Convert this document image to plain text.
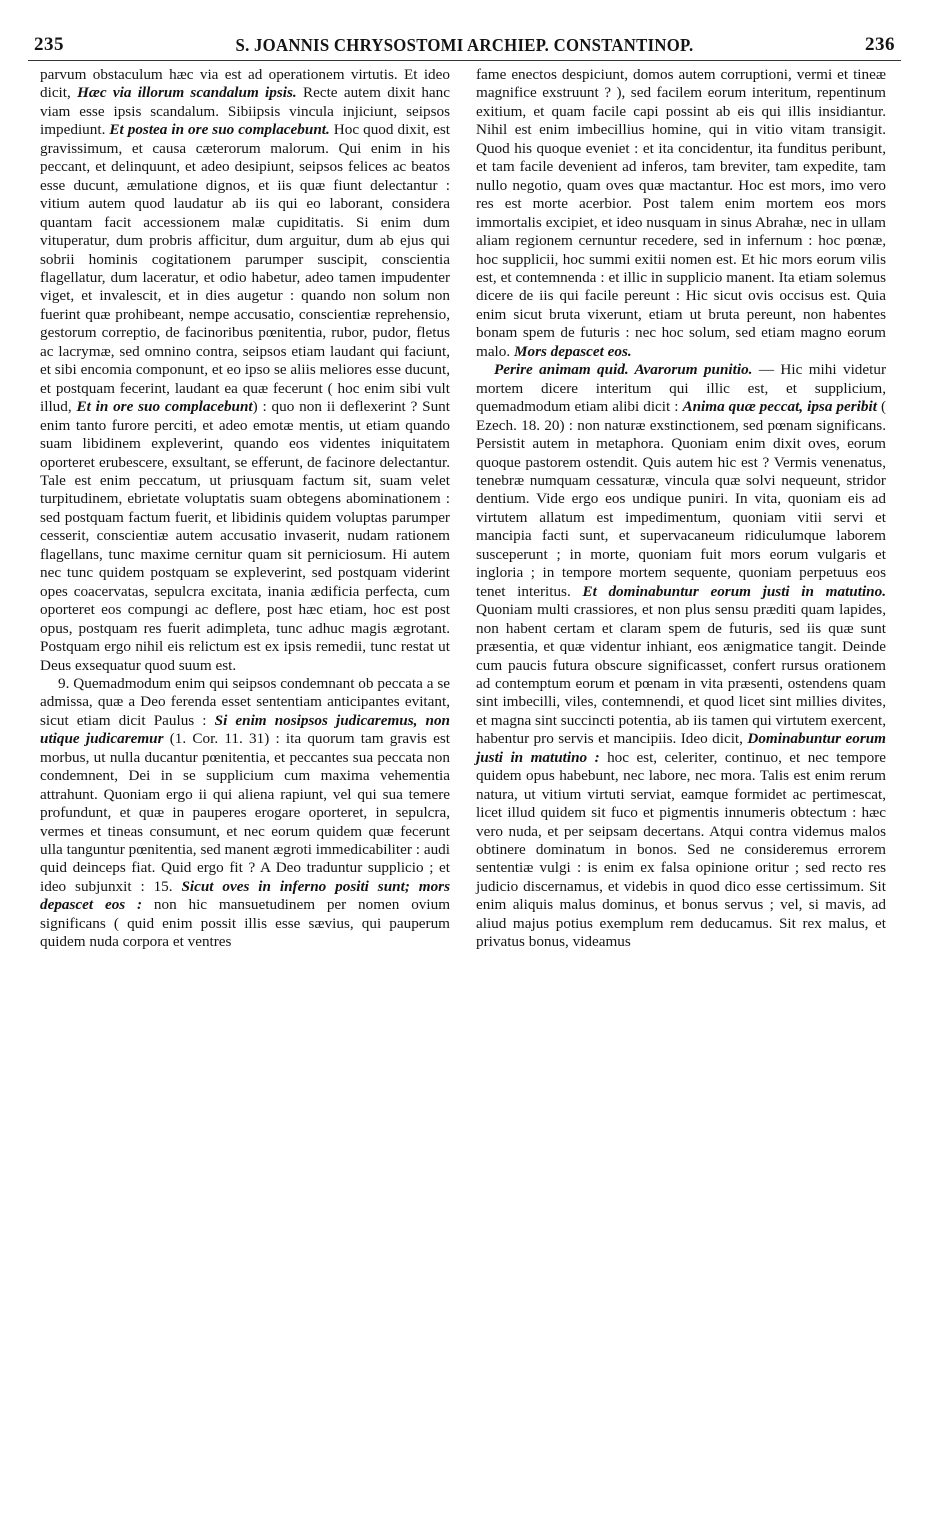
235	S. JOANNIS CHRYSOSTOMI ARCHIEP. CONSTANTINOP.	236

parvum obstaculum hæc via est ad operationem virtutis. Et ideo dicit, Hæc via illorum scandalum ipsis. Recte autem dixit hanc viam esse ipsis scandalum. Sibiipsis vincula injiciunt, seipsos impediunt. Et postea in ore suo complacebunt. Hoc quod dixit, est gravissimum, et causa cæterorum malorum. Qui enim in his peccant, et delinquunt, et adeo desipiunt, seipsos felices ac beatos esse ducunt, æmulatione dignos, et iis quæ fiunt delectantur : vitium autem quod laudatur ab iis qui eo laborant, considera quantam facit accessionem malæ cupiditatis. Si enim dum vituperatur, dum probris afficitur, dum arguitur, dum ab ejus qui sobrii hominis cogitationem parumper suscipit, conscientia flagellatur, dum laceratur, et odio habetur, adeo tamen impudenter viget, et invalescit, et in dies augetur : quando non solum non fuerint quæ prohibeant, nempe accusatio, conscientiæ reprehensio, gestorum correptio, de facinoribus pœnitentia, rubor, pudor, fletus ac lacrymæ, sed omnino contra, seipsos etiam laudant qui faciunt, et sibi encomia componunt, et eo ipso se aliis meliores esse ducunt, et postquam fecerint, laudant ea quæ fecerunt ( hoc enim sibi vult illud, Et in ore suo complacebunt) : quo non ii deflexerint ? Sunt enim tanto furore perciti, et adeo emotæ mentis, ut etiam quando suam libidinem expleverint, quando eos videntes iniquitatem oporteret erubescere, exsultant, se efferunt, de facinore delectantur. Tale est enim peccatum, ut priusquam factum sit, suam velet turpitudinem, ebrietate voluptatis suam obtegens abominationem : sed postquam factum fuerit, et libidinis quidem voluptas parumper cesserit, conscientiæ autem accusatio invaserit, nudam rationem flagellans, tunc maxime cernitur quam sit perniciosum. Hi autem nec tunc quidem postquam se expleverint, sed postquam viderint opes coacervatas, sepulcra excitata, inania ædificia perfecta, cum oporteret eos compungi ac deflere, post hæc etiam, hoc est post opus, postquam res fuerit adimpleta, tunc adhuc magis ægrotant. Postquam ergo nihil eis relictum est ex ipsis remedii, tunc restat ut Deus exsequatur quod suum est.

9. Quemadmodum enim qui seipsos condemnant ob peccata a se admissa, quæ a Deo ferenda esset sententiam anticipantes evitant, sicut etiam dicit Paulus : Si enim nosipsos judicaremus, non utique judicaremur (1. Cor. 11. 31) : ita quorum tam gravis est morbus, ut nulla ducantur pœnitentia, et peccantes sua peccata non condemnent, Dei in se supplicium cum maxima vehementia attrahunt. Quoniam ergo ii qui aliena rapiunt, vel qui sua temere profundunt, et quæ in pauperes erogare oporteret, in sepulcra, vermes et tineas consumunt, et nec eorum quidem quæ fecerunt ulla tanguntur pœnitentia, sed manent ægroti immedicabiliter : audi quid deinceps fiat. Quid ergo fit ? A Deo traduntur supplicio ; et ideo subjunxit : 15. Sicut oves in inferno positi sunt; mors depascet eos : non hic mansuetudinem per nomen ovium significans ( quid enim possit illis esse sævius, qui pauperum quidem nuda corpora et ventres

fame enectos despiciunt, domos autem corruptioni, vermi et tineæ magnifice exstruunt ? ), sed facilem eorum interitum, repentinum exitium, et quam facile capi possint ab eis qui illis insidiantur. Nihil est enim imbecillius homine, qui in vitio vitam transigit. Quod his quoque eveniet : et ita concidentur, ita funditus peribunt, et tam facile devenient ad inferos, tam breviter, tam expedite, tam nullo negotio, quam oves quæ mactantur. Hoc est mors, imo vero res est morte acerbior. Post talem enim mortem eos mors immortalis excipiet, et ideo nusquam in sinus Abrahæ, nec in ullam aliam regionem cernuntur recedere, sed in infernum : hoc pœnæ, hoc supplicii, hoc summi exitii nomen est. Et hic mors eorum vilis est, et contemnenda : et illic in supplicio manent. Ita etiam solemus dicere de iis qui facile pereunt : Hic sicut ovis occisus est. Quia enim sicut bruta vixerunt, etiam ut bruta pereunt, non habentes bonam spem de futuris : nec hoc solum, sed etiam magno eorum malo. Mors depascet eos.

Perire animam quid. Avarorum punitio. — Hic mihi videtur mortem dicere interitum qui illic est, et supplicium, quemadmodum etiam alibi dicit : Anima quæ peccat, ipsa peribit ( Ezech. 18. 20) : non naturæ exstinctionem, sed pœnam significans. Persistit autem in metaphora. Quoniam enim dixit oves, eorum quoque pastorem ostendit. Quis autem hic est ? Vermis venenatus, tenebræ numquam cessaturæ, vincula quæ solvi nequeunt, stridor dentium. Vide ergo eos undique puniri. In vita, quoniam eis ad virtutem allatum est impedimentum, quoniam vitii servi et mancipia facti sunt, et supervacaneum ridiculumque laborem susceperunt ; in morte, quoniam fuit mors eorum vulgaris et ingloria ; in tempore mortem sequente, quoniam perpetuus eos tenet interitus. Et dominabuntur eorum justi in matutino. Quoniam multi crassiores, et non plus sensu præditi quam lapides, non habent certam et claram spem de futuris, sed iis quæ sunt præsentia, et quæ videntur inhiant, eos ænigmatice tangit. Deinde cum paucis futura obscure significasset, confert rursus orationem ad contemptum eorum et pœnam in vita præsenti, ostendens quam sint imbecilli, viles, contemnendi, et quod licet sint millies divites, et magna sint succincti potentia, ab iis tamen qui virtutem exercent, habentur pro servis et mancipiis. Ideo dicit, Dominabuntur eorum justi in matutino : hoc est, celeriter, continuo, et nec tempore quidem opus habebunt, nec labore, nec mora. Talis est enim rerum natura, ut vitium virtuti serviat, eamque formidet ac pertimescat, licet illud quidem sit fuco et pigmentis innumeris obtectum : hæc vero nuda, et per seipsam decertans. Atqui contra videmus malos obtinere dominatum in bonos. Sed ne consideremus errorem sententiæ vulgi : is enim ex falsa opinione oritur ; sed recto res judicio discernamus, et videbis in quod dico esse certissimum. Sit enim aliquis malus dominus, et bonus servus ; vel, si mavis, ad aliud majus potius exemplum rem deducamus. Sit rex malus, et privatus bonus, videamus
